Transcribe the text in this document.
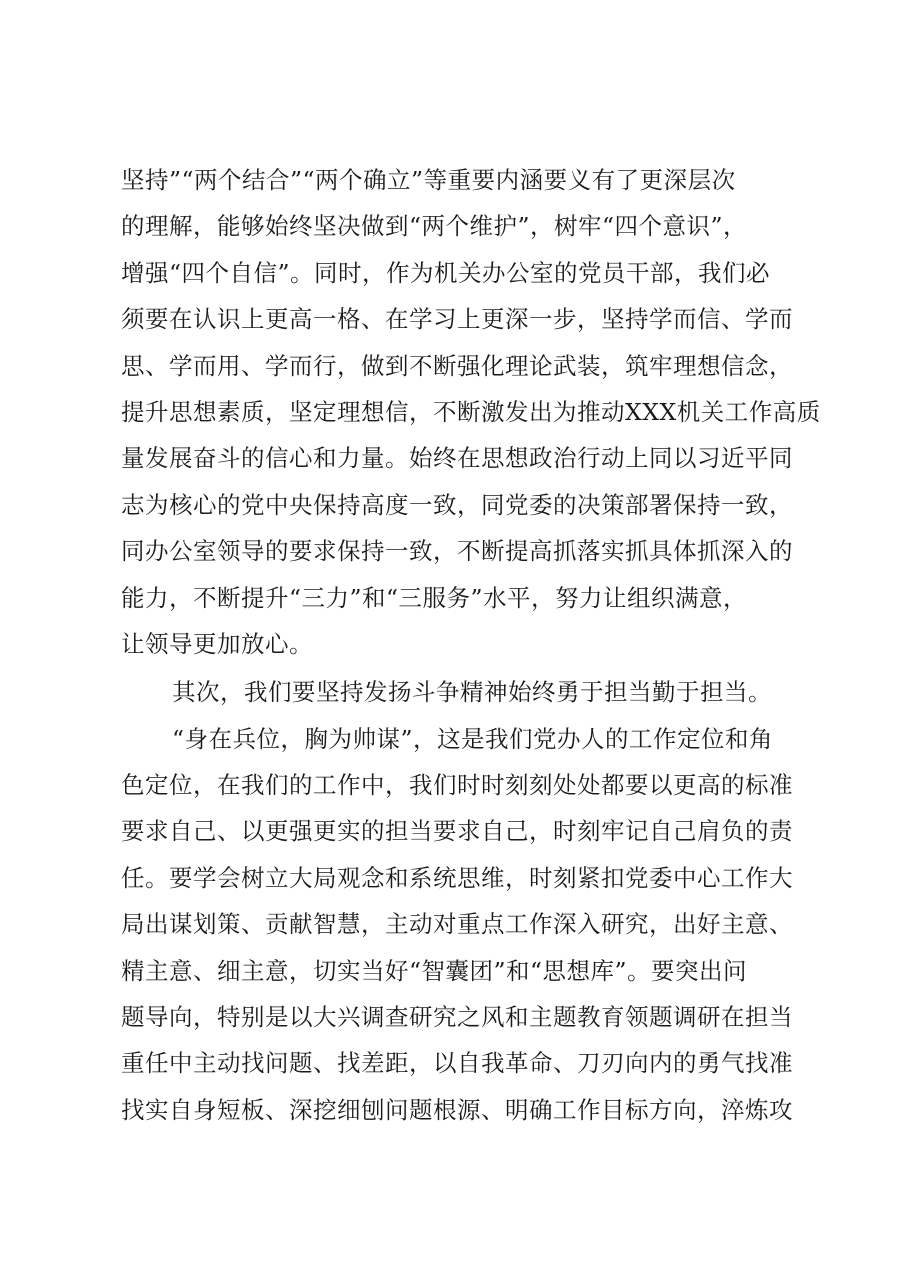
坚持”“两个结合”“两个确立”等重要内涵要义有了更深层次
的理解，能够始终坚决做到“两个维护”，树牢“四个意识”，
增强“四个自信”。同时，作为机关办公室的党员干部，我们必
须要在认识上更高一格、在学习上更深一步，坚持学而信、学而
思、学而用、学而行，做到不断强化理论武装，筑牢理想信念，
提升思想素质，坚定理想信，不断激发出为推动XXX机关工作高质
量发展奋斗的信心和力量。始终在思想政治行动上同以习近平同
志为核心的党中央保持高度一致，同党委的决策部署保持一致，
同办公室领导的要求保持一致，不断提高抓落实抓具体抓深入的
能力，不断提升“三力”和“三服务”水平，努力让组织满意，
让领导更加放心。
其次，我们要坚持发扬斗争精神始终勇于担当勤于担当。
“身在兵位，胸为帅谋”，这是我们党办人的工作定位和角
色定位，在我们的工作中，我们时时刻刻处处都要以更高的标准
要求自己、以更强更实的担当要求自己，时刻牢记自己肩负的责
任。要学会树立大局观念和系统思维，时刻紧扣党委中心工作大
局出谋划策、贡献智慧，主动对重点工作深入研究，出好主意、
精主意、细主意，切实当好“智囊团”和“思想库”。要突出问
题导向，特别是以大兴调查研究之风和主题教育领题调研在担当
重任中主动找问题、找差距，以自我革命、刀刃向内的勇气找准
找实自身短板、深挖细刨问题根源、明确工作目标方向，淬炼攻
